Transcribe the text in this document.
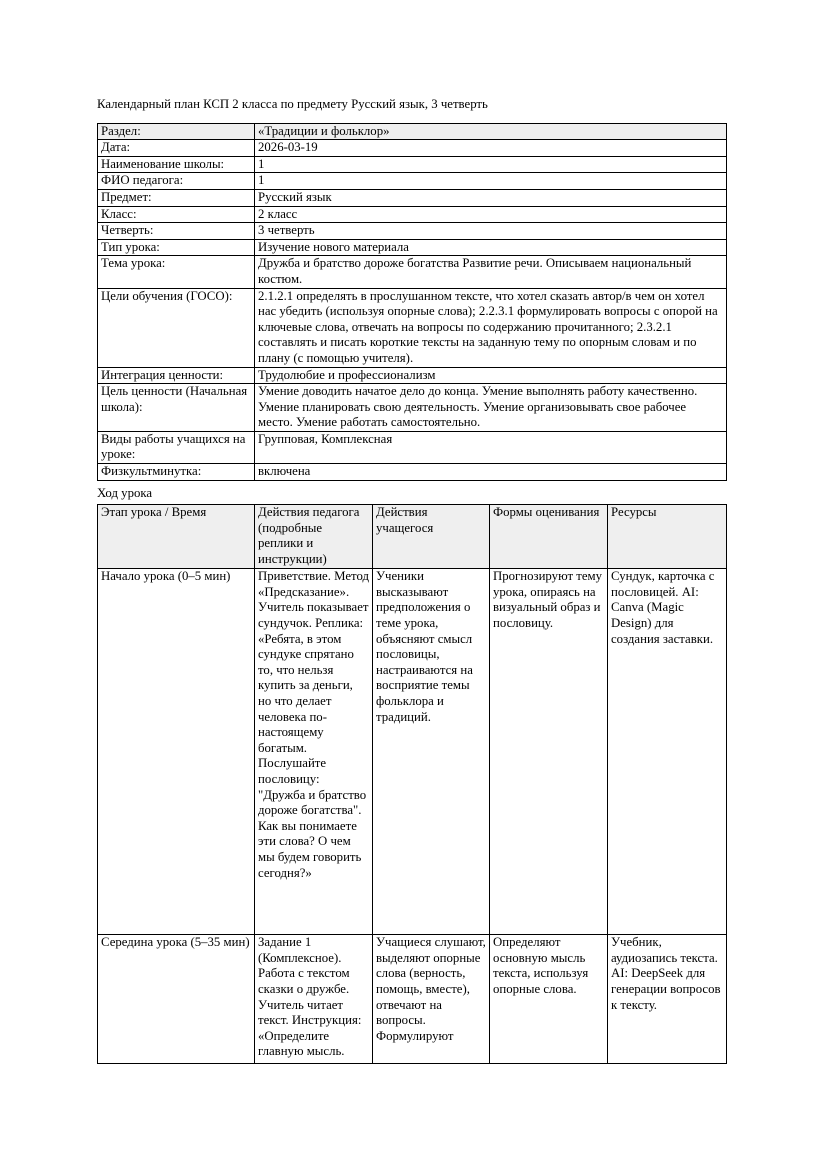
Календарный план КСП 2 класса по предмету Русский язык, 3 четверть
Раздел:	«Традиции и фольклор»
Дата:	2026-03-19
Наименование школы:	1
ФИО педагога:	1
Предмет:	Русский язык
Класс:	2 класс
Четверть:	3 четверть
Тип урока:	Изучение нового материала
Тема урока:	Дружба и братство дороже богатства Развитие речи. Описываем национальный костюм.
Цели обучения (ГОСО):	2.1.2.1 определять в прослушанном тексте, что хотел сказать автор/в чем он хотел нас убедить (используя опорные слова); 2.2.3.1 формулировать вопросы с опорой на ключевые слова, отвечать на вопросы по содержанию прочитанного; 2.3.2.1 составлять и писать короткие тексты на заданную тему по опорным словам и по плану (с помощью учителя).
Интеграция ценности:	Трудолюбие и профессионализм
Цель ценности (Начальная школа):	Умение доводить начатое дело до конца. Умение выполнять работу качественно. Умение планировать свою деятельность. Умение организовывать свое рабочее место. Умение работать самостоятельно.
Виды работы учащихся на уроке:	Групповая, Комплексная
Физкультминутка:	включена
Ход урока
Этап урока / Время	Действия педагога (подробные реплики и инструкции)	Действия учащегося	Формы оценивания	Ресурсы
Начало урока (0–5 мин)	Приветствие. Метод «Предсказание». Учитель показывает сундучок. Реплика: «Ребята, в этом сундуке спрятано то, что нельзя купить за деньги, но что делает человека по-настоящему богатым. Послушайте пословицу: "Дружба и братство дороже богатства". Как вы понимаете эти слова? О чем мы будем говорить сегодня?»	Ученики высказывают предположения о теме урока, объясняют смысл пословицы, настраиваются на восприятие темы фольклора и традиций.	Прогнозируют тему урока, опираясь на визуальный образ и пословицу.	Сундук, карточка с пословицей. AI: Canva (Magic Design) для создания заставки.

Середина урока (5–35 мин)	Задание 1 (Комплексное). Работа с текстом сказки о дружбе. Учитель читает текст. Инструкция: «Определите главную мысль.	Учащиеся слушают, выделяют опорные слова (верность, помощь, вместе), отвечают на вопросы. Формулируют	Определяют основную мысль текста, используя опорные слова.	Учебник, аудиозапись текста. AI: DeepSeek для генерации вопросов к тексту.
